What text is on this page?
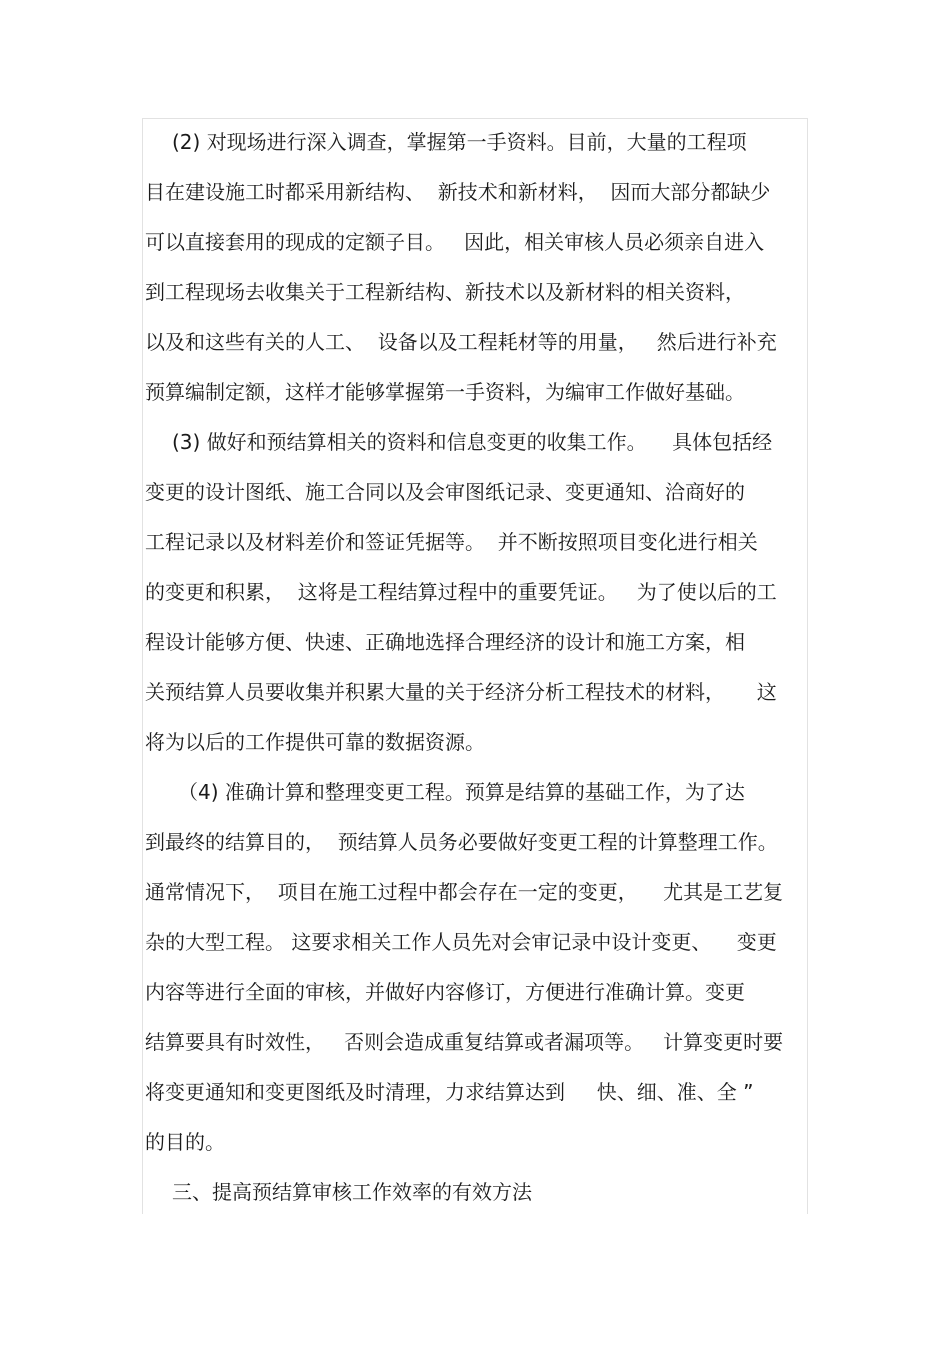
(2) 对现场进行深入调查，掌握第一手资料。目前，大量的工程项
目在建设施工时都采用新结构、  新技术和新材料，  因而大部分都缺少
可以直接套用的现成的定额子目。   因此，相关审核人员必须亲自进入
到工程现场去收集关于工程新结构、新技术以及新材料的相关资料，
以及和这些有关的人工、  设备以及工程耗材等的用量，   然后进行补充
预算编制定额，这样才能够掌握第一手资料，为编审工作做好基础。
(3) 做好和预结算相关的资料和信息变更的收集工作。    具体包括经
变更的设计图纸、施工合同以及会审图纸记录、变更通知、洽商好的
工程记录以及材料差价和签证凭据等。  并不断按照项目变化进行相关
的变更和积累，  这将是工程结算过程中的重要凭证。   为了使以后的工
程设计能够方便、快速、正确地选择合理经济的设计和施工方案，相
关预结算人员要收集并积累大量的关于经济分析工程技术的材料，     这
将为以后的工作提供可靠的数据资源。
（4) 准确计算和整理变更工程。预算是结算的基础工作，为了达
到最终的结算目的，  预结算人员务必要做好变更工程的计算整理工作。
通常情况下，  项目在施工过程中都会存在一定的变更，    尤其是工艺复
杂的大型工程。 这要求相关工作人员先对会审记录中设计变更、    变更
内容等进行全面的审核，并做好内容修订，方便进行准确计算。变更
结算要具有时效性，   否则会造成重复结算或者漏项等。   计算变更时要
将变更通知和变更图纸及时清理，力求结算达到     快、细、准、全 ”
的目的。
三、提高预结算审核工作效率的有效方法
